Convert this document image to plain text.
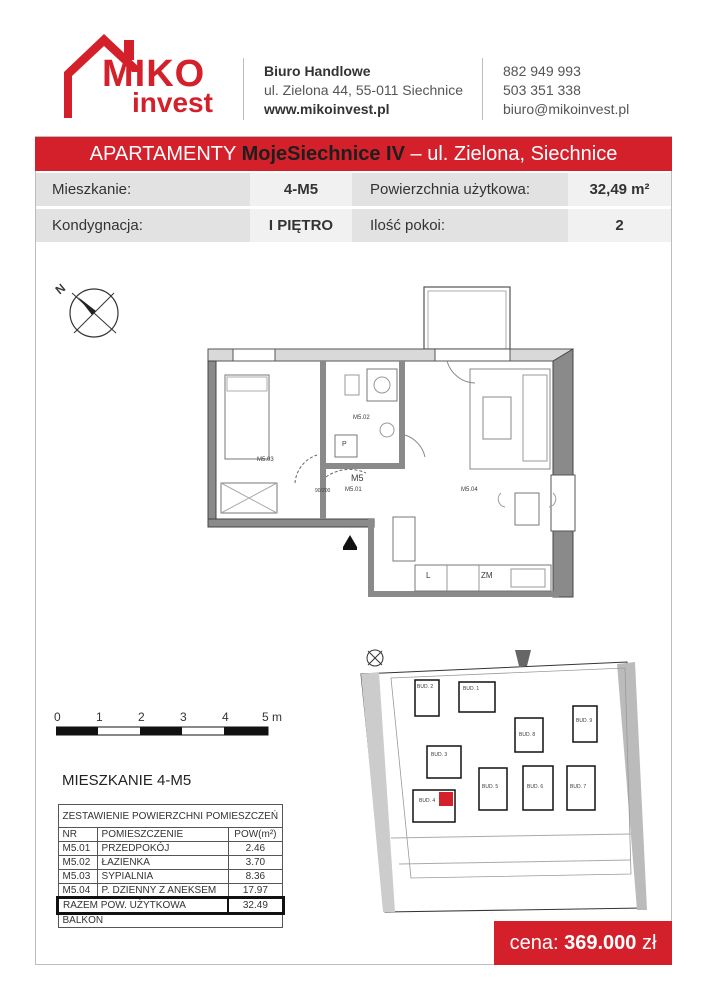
MIKO
invest
Biuro Handlowe
ul. Zielona 44, 55-011 Siechnice
www.mikoinvest.pl
882 949 993
503 351 338
biuro@mikoinvest.pl
APARTAMENTY MojeSiechnice IV – ul. Zielona, Siechnice
Mieszkanie:	4-M5	Powierzchnia użytkowa:	32,49 m²
Kondygnacja:	I PIĘTRO	Ilość pokoi:	2
N
M5.03
M5.02
M5.01	M5.04
M5
90/200
L	ZM
P
0	1	2	3	4	5 m
BUD. 1
BUD. 2
BUD. 3
BUD. 4
BUD. 5	BUD. 6	BUD. 7
BUD. 8
BUD. 9
MIESZKANIE 4-M5
ZESTAWIENIE POWIERZCHNI POMIESZCZEŃ		
NR	POMIESZCZENIE	POW(m²)
M5.01	PRZEDPOKÓJ	2.46
M5.02	ŁAZIENKA	3.70
M5.03	SYPIALNIA	8.36
M5.04	P. DZIENNY Z ANEKSEM	17.97
RAZEM POW. UŻYTKOWA		32.49
BALKON		
cena: 369.000 zł
